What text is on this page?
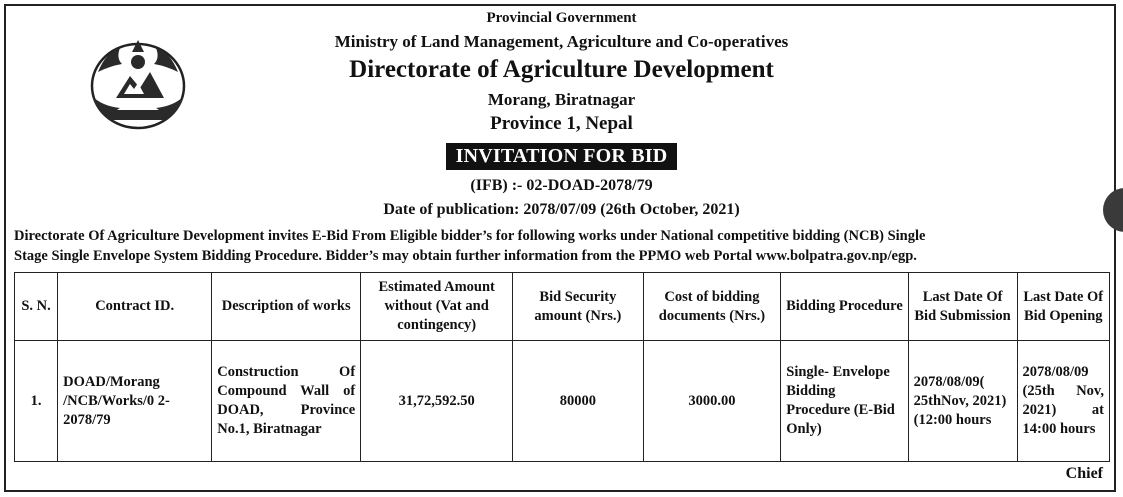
Provincial Government
Ministry of Land Management, Agriculture and Co-operatives
Directorate of Agriculture Development
Morang, Biratnagar
Province 1, Nepal
INVITATION FOR BID
(IFB) :- 02-DOAD-2078/79
Date of publication: 2078/07/09 (26th October, 2021)
Directorate Of Agriculture Development invites E-Bid From Eligible bidder’s for following works under National competitive bidding (NCB) Single
Stage Single Envelope System Bidding Procedure. Bidder’s may obtain further information from the PPMO web Portal www.bolpatra.gov.np/egp.
S. N.	Contract ID.	Description of works	Estimated Amount without (Vat and contingency)	Bid Security amount (Nrs.)	Cost of bidding documents (Nrs.)	Bidding Procedure	Last Date Of Bid Submission	Last Date Of Bid Opening
1.	DOAD/Morang /NCB/Works/0 2-2078/79	Construction Of Compound Wall of DOAD, Province No.1, Biratnagar	31,72,592.50	80000	3000.00	Single- Envelope Bidding Procedure (E-Bid Only)	2078/08/09( 25thNov, 2021) (12:00 hours	2078/08/09 (25th Nov, 2021) at 14:00 hours
Chief
